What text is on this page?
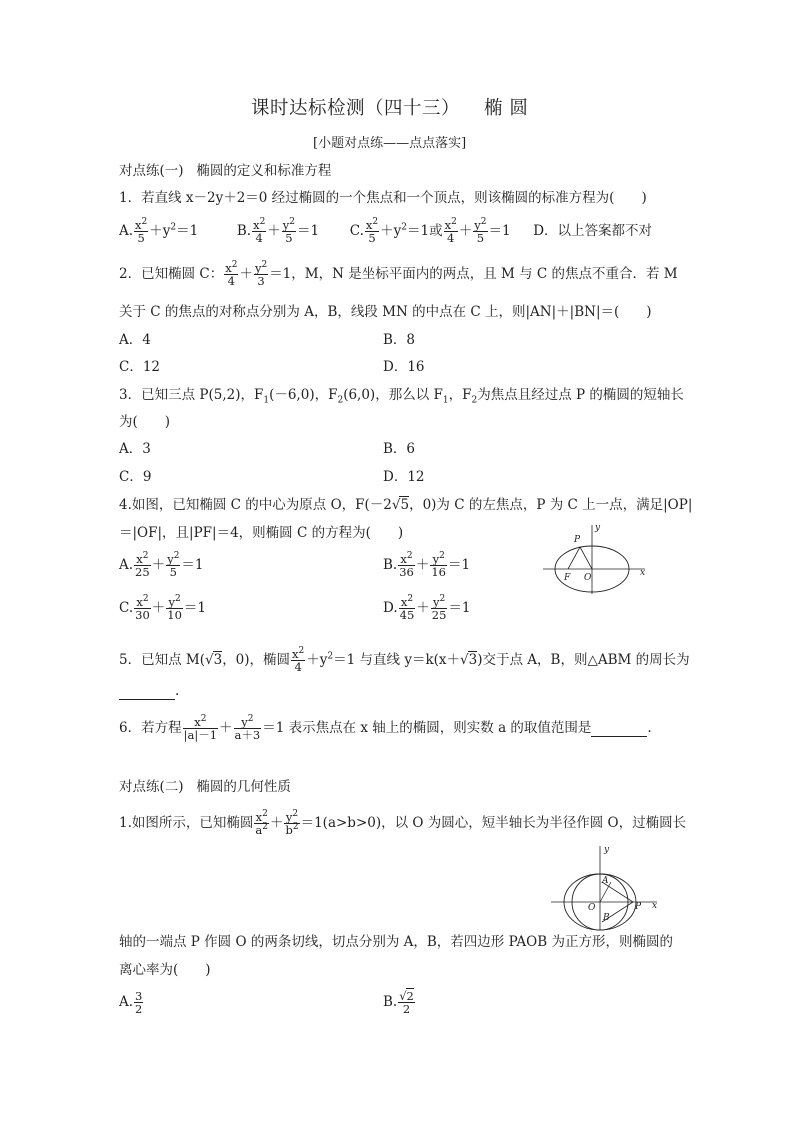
课时达标检测（四十三） 椭 圆
[小题对点练——点点落实]
对点练(一) 椭圆的定义和标准方程
1．若直线 x－2y＋2＝0 经过椭圆的一个焦点和一个顶点，则该椭圆的标准方程为(　　)
A. $\frac{x^2}{5} +y^2=1$	B. $\frac{x^2}{4} + \frac{y^2}{5} =1$ C. $\frac{x^2}{5} +y^2=1$或 $\frac{x^2}{4} + \frac{y^2}{5} =1$ D．以上答案都不对
2．已知椭圆 C： $\frac{x^2}{4} + \frac{y^2}{3} =1$，M，N 是坐标平面内的两点，且 M 与 C 的焦点不重合．若 M
关于 C 的焦点的对称点分别为 A，B，线段 MN 的中点在 C 上，则|AN|＋|BN|＝(　　)
A．4	B．8
C．12	D．16
3．已知三点 P(5,2)，$F_1(-6,0)$，$F_2(6,0)$，那么以 $F_1$，$F_2$为焦点且经过点 P 的椭圆的短轴长
为(　　)
A．3	B．6
C．9	D．12
4.如图，已知椭圆 C 的中心为原点 O，F(－2√5，0)为 C 的左焦点，P 为 C 上一点，满足|OP|
＝|OF|，且|PF|＝4，则椭圆 C 的方程为(　　)
A. $\frac{x^2}{25} + \frac{y^2}{5} =1$	B. $\frac{x^2}{36} + \frac{y^2}{16} =1$
C. $\frac{x^2}{30} + \frac{y^2}{10} =1$	D. $\frac{x^2}{45} + \frac{y^2}{25} =1$
P
y
F O	x
5．已知点 M(√3，0)，椭圆 $\frac{x^2}{4} +y^2=1$ 与直线 y＝k(x＋√3)交于点 A，B，则△ABM 的周长为
.
6．若方程 $\frac{x^2}{|a|-1} + \frac{y^2}{a+3} =1$ 表示焦点在 x 轴上的椭圆，则实数 a 的取值范围是	.
对点练(二) 椭圆的几何性质
1.如图所示，已知椭圆 $\frac{x^2}{a^2} + \frac{y^2}{b^2} =1(a>b>0)$，以 O 为圆心，短半轴长为半径作圆 O，过椭圆长
y
A
O
B
P x
轴的一端点 P 作圆 O 的两条切线，切点分别为 A，B，若四边形 PAOB 为正方形，则椭圆的
离心率为(　　)
A. $\frac{3}{2}$	B. $\frac{√2}{2}$
